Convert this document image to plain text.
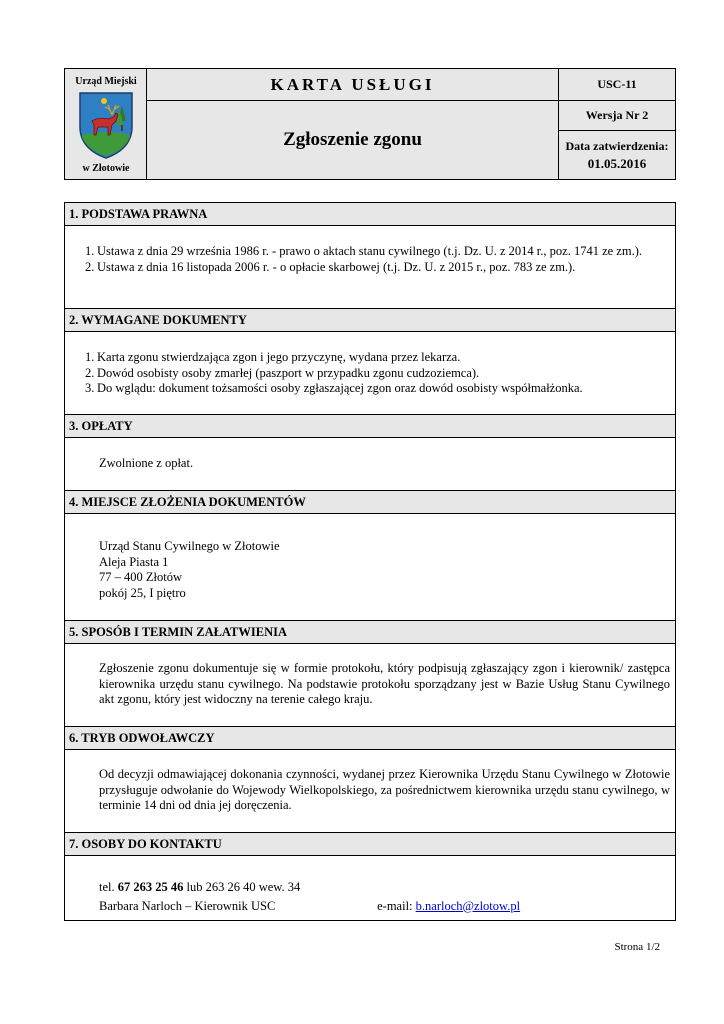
Urząd Miejski
w Złotowie
KARTA USŁUGI
Zgłoszenie zgonu
USC-11
Wersja Nr 2
Data zatwierdzenia:
01.05.2016
1. PODSTAWA PRAWNA
1. Ustawa z dnia 29 września 1986 r. - prawo o aktach stanu cywilnego (t.j. Dz. U. z 2014 r., poz. 1741 ze zm.).
2. Ustawa z dnia 16 listopada 2006 r. - o opłacie skarbowej (t.j. Dz. U. z 2015 r., poz. 783 ze zm.).
2. WYMAGANE DOKUMENTY
1. Karta zgonu stwierdzająca zgon i jego przyczynę, wydana przez lekarza.
2. Dowód osobisty osoby zmarłej (paszport w przypadku zgonu cudzoziemca).
3. Do wglądu: dokument tożsamości osoby zgłaszającej zgon oraz dowód osobisty współmałżonka.
3. OPŁATY

Zwolnione z opłat.

4. MIEJSCE ZŁOŻENIA DOKUMENTÓW

Urząd Stanu Cywilnego w Złotowie

Aleja Piasta 1

77 – 400 Złotów

pokój 25, I piętro

5. SPOSÓB I TERMIN ZAŁATWIENIA

Zgłoszenie zgonu dokumentuje się w formie protokołu, który podpisują zgłaszający zgon i kierownik/ zastępca kierownika urzędu stanu cywilnego. Na podstawie protokołu sporządzany jest w Bazie Usług Stanu Cywilnego akt zgonu, który jest widoczny na terenie całego kraju.

6. TRYB ODWOŁAWCZY

Od decyzji odmawiającej dokonania czynności, wydanej przez Kierownika Urzędu Stanu Cywilnego w Złotowie przysługuje odwołanie do Wojewody Wielkopolskiego, za pośrednictwem kierownika urzędu stanu cywilnego, w terminie 14 dni od dnia jej doręczenia.

7. OSOBY DO KONTAKTU

tel. 67 263 25 46 lub 263 26 40 wew. 34

Barbara Narloch – Kierownik USC	e-mail: b.narloch@zlotow.pl

Strona 1/2
